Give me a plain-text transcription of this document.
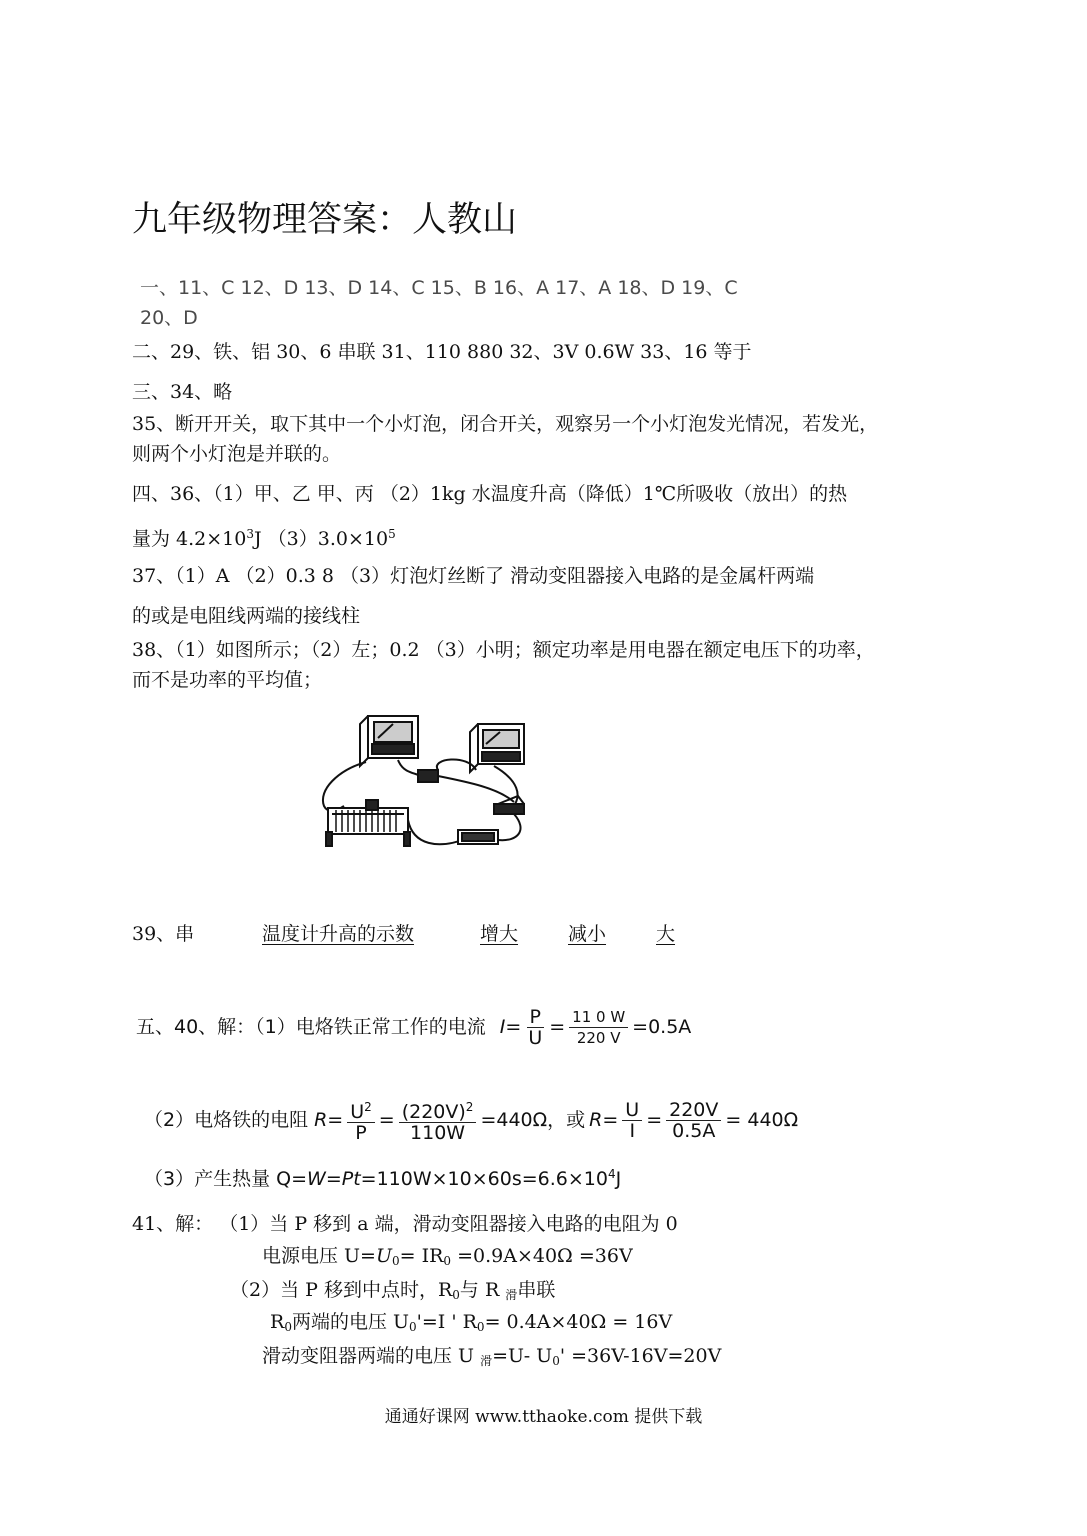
九年级物理答案：人教山
一、11、C 12、D 13、D 14、C 15、B 16、A 17、A 18、D 19、C
20、D
二、29、铁、铝 30、6 串联 31、110 880 32、3V 0.6W 33、16 等于
三、34、略
35、断开开关，取下其中一个小灯泡，闭合开关，观察另一个小灯泡发光情况，若发光，
则两个小灯泡是并联的。
四、36、（1）甲、乙 甲、丙 （2）1kg 水温度升高（降低）1℃所吸收（放出）的热
量为 $4.2\times 10^3J$ $(3)3.0\times 10^5$
37、（1）A （2）0.3 8 （3）灯泡灯丝断了 滑动变阻器接入电路的是金属杆两端
的或是电阻线两端的接线柱
38、（1）如图所示；（2）左；0.2 （3）小明；额定功率是用电器在额定电压下的功率，
而不是功率的平均值；
39、串	温度计升高的示数	增大	减小	大
五、40、解：（1）电烙铁正常工作的电流 $I = \frac{P}{U} = \frac{11 0 W}{220 V} =0.5A$
（2）电烙铁的电阻 $R = \frac{U^2}{P} = \frac{(220V)^2}{110W} =440\Omega$，或 $R = \frac{U}{I} = \frac{220V}{0.5A} = 440\Omega$
（3）产生热量 $Q=W=Pt=110W\times 10\times 60s=6.6\times 10^4J$
41、解： （1）当 P 移到 a 端，滑动变阻器接入电路的电阻为 0
电源电压 $U=U_0= IR_0 =0.9A\times 40\Omega =36V$
（2）当 P 移到中点时，$R_0$与 R $_滑$串联
$R_0$两端的电压 $U_0'=I$ ' $R_0= 0.4A\times 40\Omega = 16V$
滑动变阻器两端的电压 U $_滑$=U- $U_0' =36V-16V=20V$
通通好课网 www.tthaoke.com 提供下载
